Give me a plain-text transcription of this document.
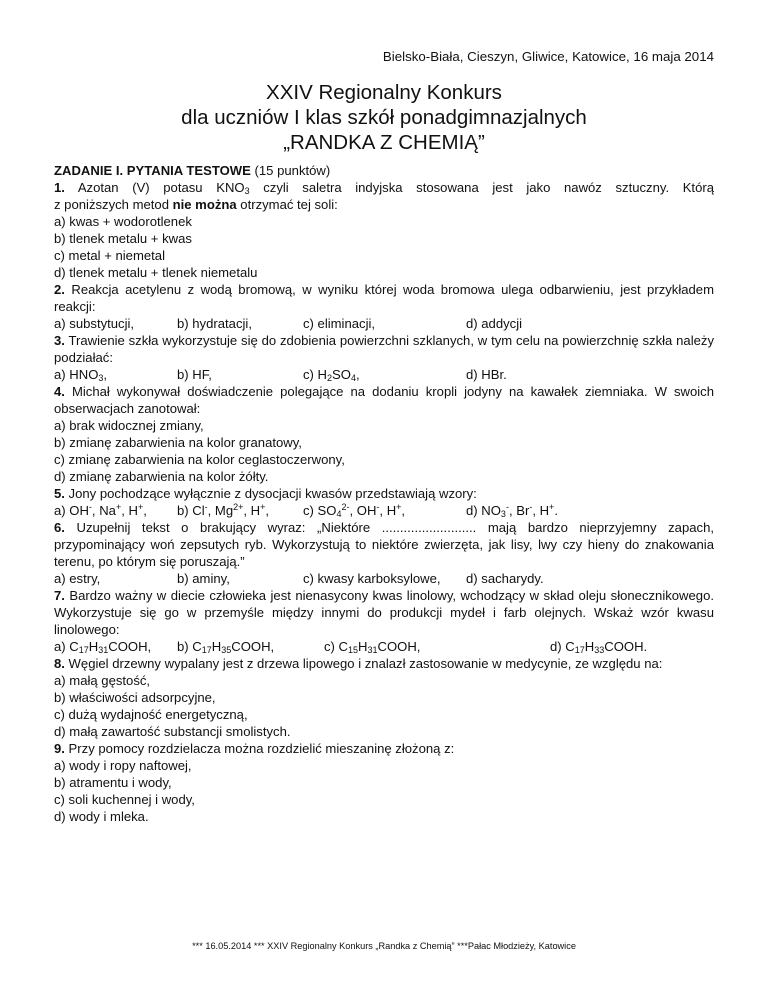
Bielsko-Biała, Cieszyn, Gliwice, Katowice, 16 maja 2014
XXIV Regionalny Konkurs
dla uczniów I klas szkół ponadgimnazjalnych
„RANDKA Z CHEMIĄ”
ZADANIE I. PYTANIA TESTOWE (15 punktów)
1. Azotan (V) potasu $KNO_3$ czyli saletra indyjska stosowana jest jako nawóz sztuczny. Którą
z poniższych metod nie można otrzymać tej soli:
a) kwas + wodorotlenek
b) tlenek metalu + kwas
c) metal + niemetal
d) tlenek metalu + tlenek niemetalu
2. Reakcja acetylenu z wodą bromową, w wyniku której woda bromowa ulega odbarwieniu, jest przykładem reakcji:
a) substytucji,	b) hydratacji,	c) eliminacji,	d) addycji
3. Trawienie szkła wykorzystuje się do zdobienia powierzchni szklanych, w tym celu na powierzchnię szkła należy podziałać:
a) $HNO_3$,	b) HF,	c) $H_2SO_4$,	d) HBr.
4. Michał wykonywał doświadczenie polegające na dodaniu kropli jodyny na kawałek ziemniaka. W swoich obserwacjach zanotował:
a) brak widocznej zmiany,
b) zmianę zabarwienia na kolor granatowy,
c) zmianę zabarwienia na kolor ceglastoczerwony,
d) zmianę zabarwienia na kolor żółty.
5. Jony pochodzące wyłącznie z dysocjacji kwasów przedstawiają wzory:
a) OH-, Na+, H+, b) Cl-, $Mg^{2+}$, H+,	c) $SO_4^{2-}$, OH-, H+,	d) $NO_3^-$, Br-, H+.
6. Uzupełnij tekst o brakujący wyraz: „Niektóre .......................... mają bardzo nieprzyjemny zapach, przypominający woń zepsutych ryb. Wykorzystują to niektóre zwierzęta, jak lisy, lwy czy hieny do znakowania terenu, po którym się poruszają.”
a) estry,	b) aminy,	c) kwasy karboksylowe, d) sacharydy.
7. Bardzo ważny w diecie człowieka jest nienasycony kwas linolowy, wchodzący w skład oleju słonecznikowego. Wykorzystuje się go w przemyśle między innymi do produkcji mydeł i farb olejnych. Wskaż wzór kwasu linolowego:
a) $C_{17}H_{31}COOH$, b) $C_{17}H_{35}COOH$,	c) $C_{15}H_{31}COOH$,	d) $C_{17}H_{33}COOH$.
8. Węgiel drzewny wypalany jest z drzewa lipowego i znalazł zastosowanie w medycynie, ze względu na:
a) małą gęstość,
b) właściwości adsorpcyjne,
c) dużą wydajność energetyczną,
d) małą zawartość substancji smolistych.
9. Przy pomocy rozdzielacza można rozdzielić mieszaninę złożoną z:
a) wody i ropy naftowej,
b) atramentu i wody,
c) soli kuchennej i wody,
d) wody i mleka.
*** 16.05.2014 *** XXIV Regionalny Konkurs „Randka z Chemią” ***Pałac Młodzieży, Katowice
